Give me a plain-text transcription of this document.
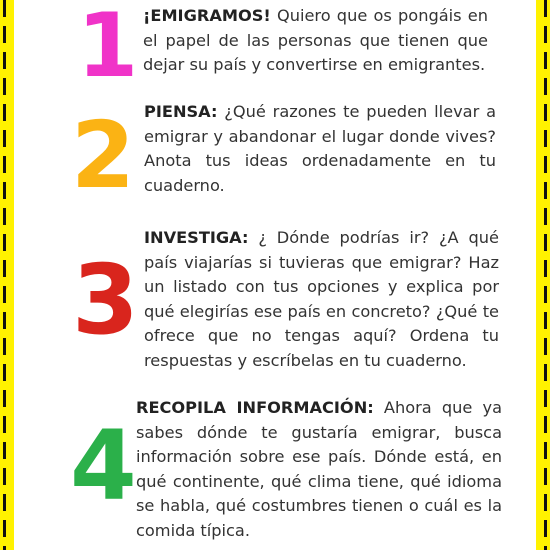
1 ¡EMIGRAMOS! Quiero que os pongáis en el papel de las personas que tienen que dejar su país y convertirse en emigrantes.
2 PIENSA: ¿Qué razones te pueden llevar a emigrar y abandonar el lugar donde vives? Anota tus ideas ordenadamente en tu cuaderno.
3
INVESTIGA: ¿ Dónde podrías ir? ¿A qué país viajarías si tuvieras que emigrar? Haz un listado con tus opciones y explica por qué elegirías ese país en concreto? ¿Qué te ofrece que no tengas aquí? Ordena tu respuestas y escríbelas en tu cuaderno.
4
RECOPILA INFORMACIÓN: Ahora que ya sabes dónde te gustaría emigrar, busca información sobre ese país. Dónde está, en qué continente, qué clima tiene, qué idioma se habla, qué costumbres tienen o cuál es la comida típica.
